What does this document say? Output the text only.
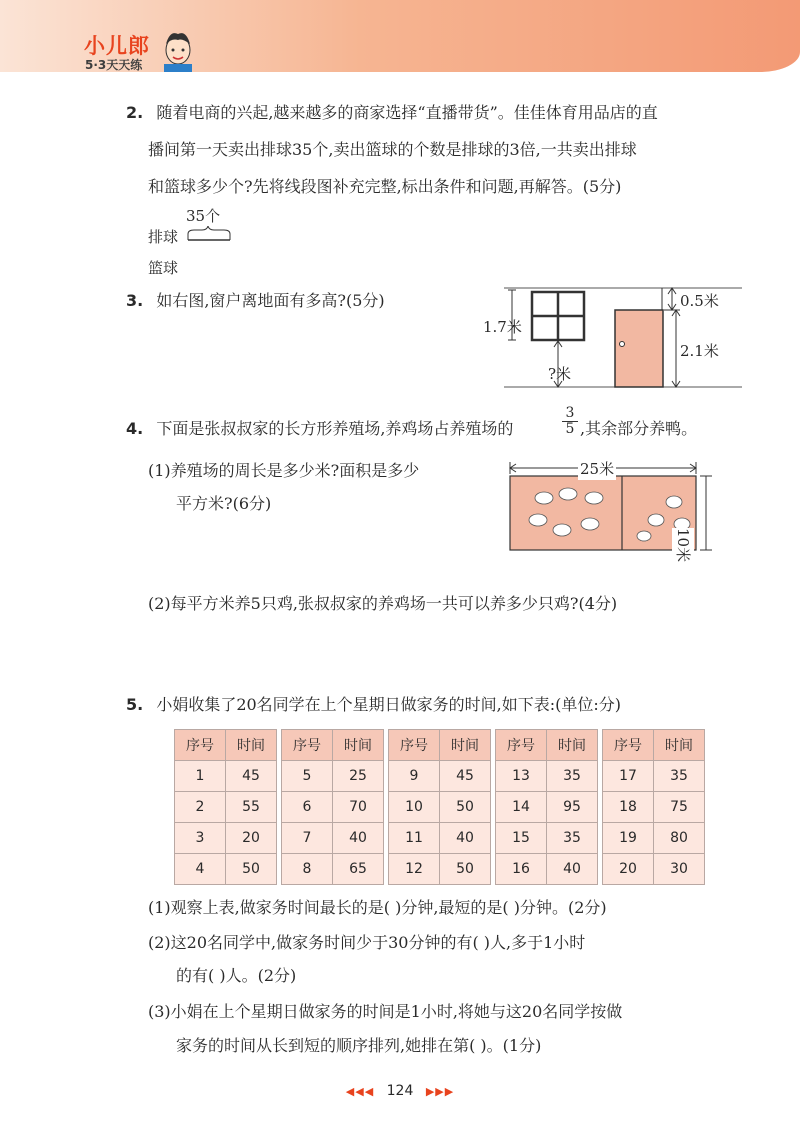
小儿郎
5·3天天练
2. 随着电商的兴起,越来越多的商家选择“直播带货”。佳佳体育用品店的直
播间第一天卖出排球35个,卖出篮球的个数是排球的3倍,一共卖出排球
和篮球多少个?先将线段图补充完整,标出条件和问题,再解答。(5分)
35个
排球
篮球
3. 如右图,窗户离地面有多高?(5分)
1.7米
0.5米
2.1米
?米
4. 下面是张叔叔家的长方形养殖场,养鸡场占养殖场的	$\frac{3}{5}$ ,其余部分养鸭。
(1)养殖场的周长是多少米?面积是多少
平方米?(6分)
25米
10米
(2)每平方米养5只鸡,张叔叔家的养鸡场一共可以养多少只鸡?(4分)
5. 小娟收集了20名同学在上个星期日做家务的时间,如下表:(单位:分)
序号	时间		序号	时间		序号	时间		序号	时间		序号	时间
1	45		5	25		9	45		13	35		17	35
2	55		6	70		10	50		14	95		18	75
3	20		7	40		11	40		15	35		19	80
4	50		8	65		12	50		16	40		20	30
(1)观察上表,做家务时间最长的是( )分钟,最短的是( )分钟。(2分)
(2)这20名同学中,做家务时间少于30分钟的有( )人,多于1小时
的有( )人。(2分)
(3)小娟在上个星期日做家务的时间是1小时,将她与这20名同学按做
家务的时间从长到短的顺序排列,她排在第( )。(1分)
◀◀◀ 124 ▶▶▶
